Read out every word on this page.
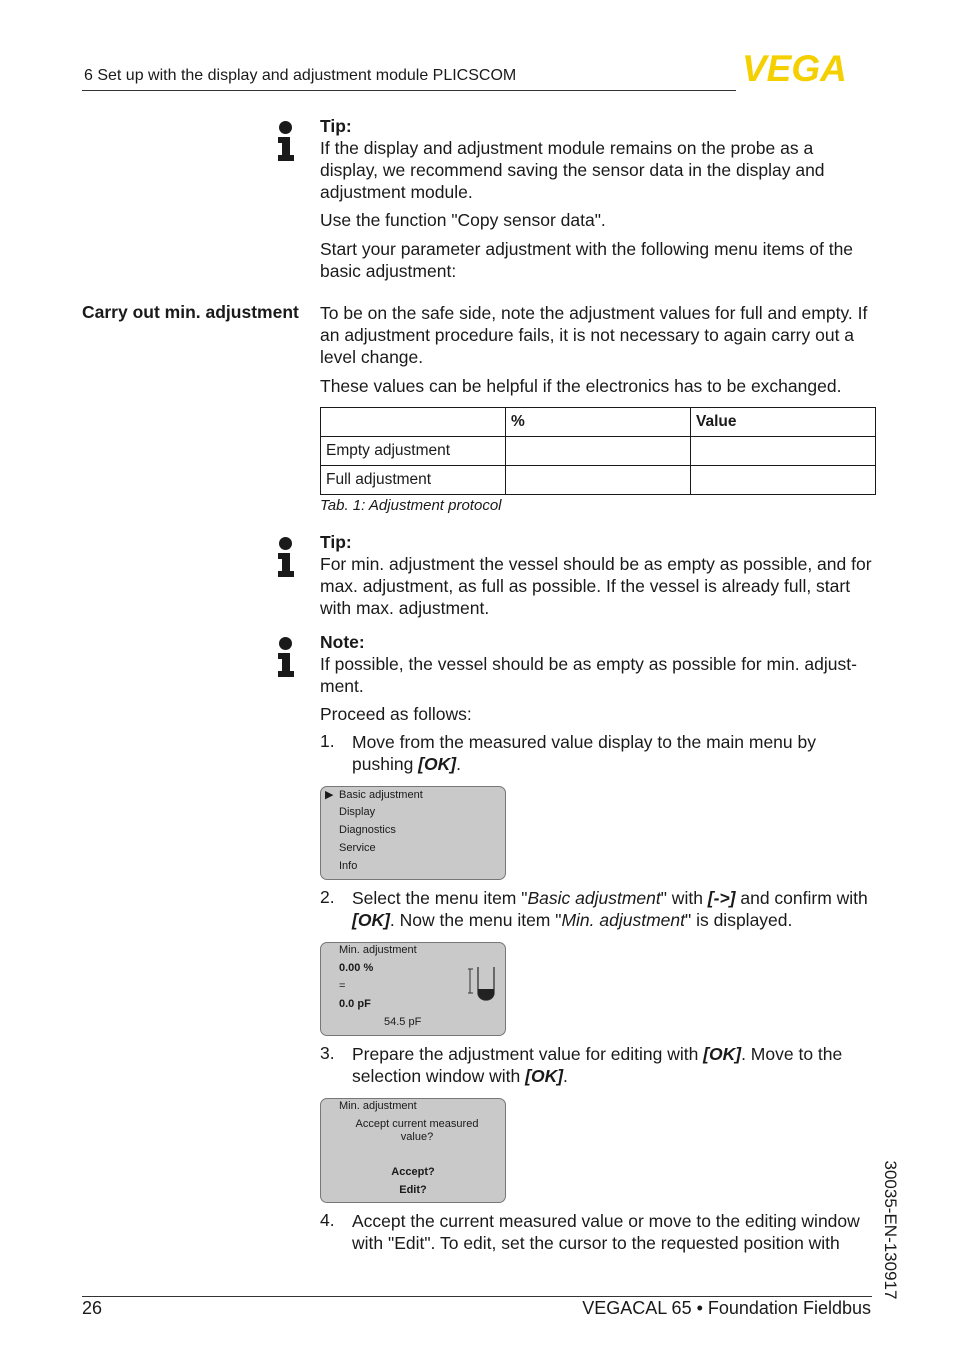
6 Set up with the display and adjustment module PLICSCOM	VEGA

Tip:

If the display and adjustment module remains on the probe as a display, we recommend saving the sensor data in the display and adjustment module.

Use the function "Copy sensor data".

Start your parameter adjustment with the following menu items of the basic adjustment:

Carry out min. adjustment To be on the safe side, note the adjustment values for full and empty. If an adjustment procedure fails, it is not necessary to again carry out a level change.

These values can be helpful if the electronics has to be exchanged.

	%	Value
Empty adjustment		
Full adjustment		
Tab. 1: Adjustment protocol

Tip:

For min. adjustment the vessel should be as empty as possible, and for max. adjustment, as full as possible. If the vessel is already full, start with max. adjustment.

Note:

If possible, the vessel should be as empty as possible for min. adjust-ment.

Proceed as follows:

1. Move from the measured value display to the main menu by pushing [OK].
▶ Basic adjustment
Display
Diagnostics
Service
Info
2. Select the menu item "Basic adjustment" with [->] and confirm with [OK]. Now the menu item "Min. adjustment" is displayed.
Min. adjustment
0.00 %
=
0.0 pF
54.5 pF
3. Prepare the adjustment value for editing with [OK]. Move to the selection window with [OK].
Min. adjustment
Accept current measured value?
Accept?
Edit?
4. Accept the current measured value or move to the editing window with "Edit". To edit, set the cursor to the requested position with	30035-EN-130917
26	VEGACAL 65 • Foundation Fieldbus
